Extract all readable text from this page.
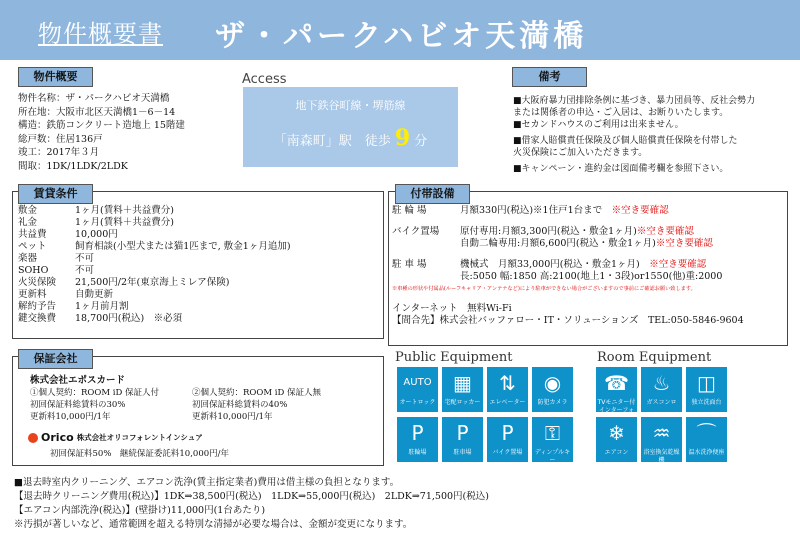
物件概要書 ザ・パークハビオ天満橋
物件概要
物件名称：ザ・パークハビオ天満橋
所在地：大阪市北区天満橋1－6－14
構造：鉄筋コンクリート造地上 15階建
総戸数：住居136戸
竣工：2017年３月
間取：1DK/1LDK/2LDK
Access
地下鉄谷町線・堺筋線
「南森町」駅　徒歩 9 分
備考
■大阪府暴力団排除条例に基づき、暴力団員等、反社会勢力
または関係者の申込・ご入居は、お断りいたします。
■セカンドハウスのご利用は出来ません。
■借家人賠償責任保険及び個人賠償責任保険を付帯した
火災保険にご加入いただきます。
■キャンペーン・進約金は図面備考欄を参照下さい。
賃貸条件
敷金
礼金
共益費
ペット
楽器
SOHO
火災保険
更新料
解約予告
鍵交換費
1ヶ月(賃料＋共益費分)
1ヶ月(賃料＋共益費分)
10,000円
飼育相談(小型犬または猫1匹まで, 敷金1ヶ月追加)
不可
不可
21,500円/2年(東京海上ミレア保険)
自動更新
1ヶ月前月割
18,700円(税込)　※必須
付帯設備
駐 輪 場	月額330円(税込)※1住戸1台まで　 ※空き要確認
バイク置場 原付専用:月額3,300円(税込・敷金1ヶ月)※空き要確認
自動二輪専用:月額6,600円(税込・敷金1ヶ月)※空き要確認
駐 車 場	機械式　月額33,000円(税込・敷金1ヶ月)　 ※空き要確認
長:5050 幅:1850 高:2100(地上1・3段)or1550(他)重:2000
※車種の形状や付属品(ルーフキャリア・アンテナなど)により駐車ができない場合がございますので事前にご確認お願い致します。
インターネット　無料Wi-Fi
【間合先】株式会社バッファロー・IT・ソリューションズ　TEL:050-5846-9604
保証会社
株式会社エポスカード
①個人契約：ROOM iD 保証人付
初回保証料総賃料の30%
更新料10,000円/1年
②個人契約：ROOM iD 保証人無
初回保証料総賃料の40%
更新料10,000円/1年
Orico 株式会社オリコフォレントインシュア
初回保証料50%　継続保証委託料10,000円/年
Public Equipment
AUTO
オートロック
▦
宅配ロッカー
⇅
エレベーター
◉
防犯カメラ
P
駐輪場
P
駐車場
P
バイク置場
⚿
ディンプルキー
Room Equipment
☎
TVモニター付インターフォ
♨
ガスコンロ
◫
独立洗面台
❄
エアコン
♒
浴室換気乾燥機
⌒
温水洗浄便座
■退去時室内クリーニング、エアコン洗浄(賃主指定業者)費用は借主様の負担となります。
【退去時クリーニング費用(税込)】1DK⇒38,500円(税込)　1LDK⇒55,000円(税込)　2LDK⇒71,500円(税込)
【エアコン内部洗浄(税込)】(壁掛け)11,000円(1台あたり)
※汚損が著しいなど、通常範囲を超える特別な清掃が必要な場合は、金額が変更になります。
